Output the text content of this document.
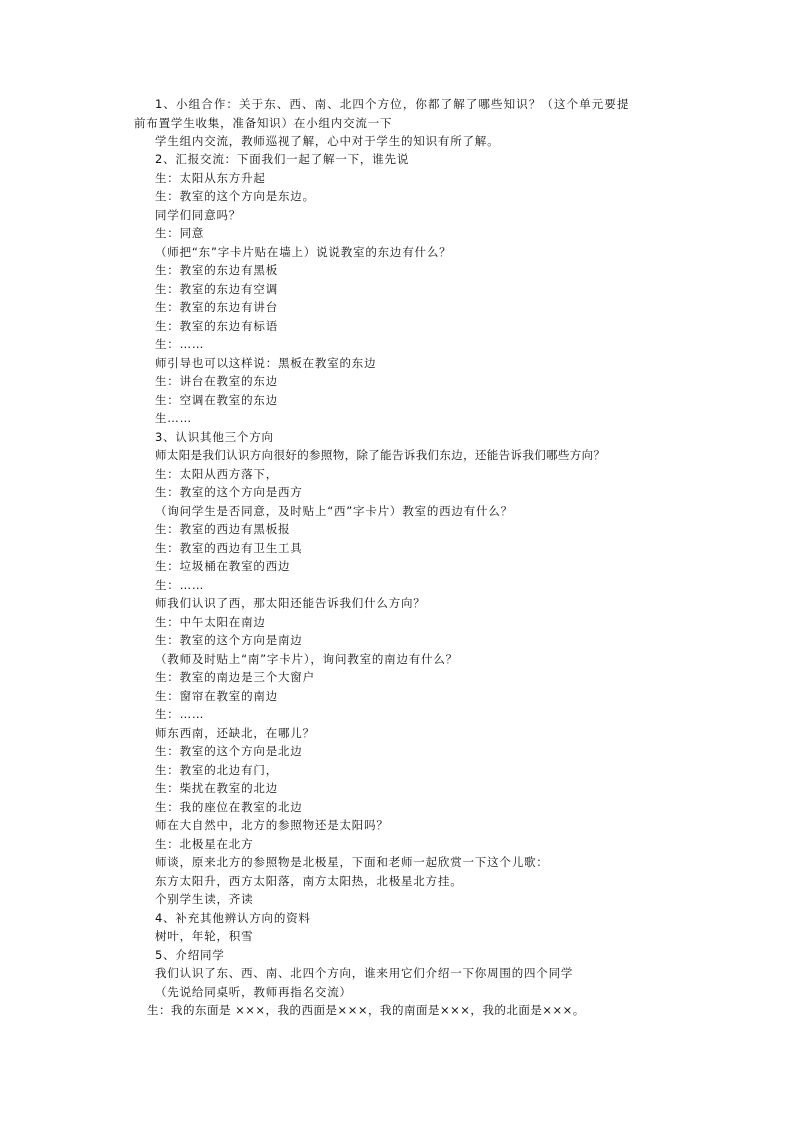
1、小组合作：关于东、西、南、北四个方位，你都了解了哪些知识？（这个单元要提
前布置学生收集，准备知识）在小组内交流一下
学生组内交流，教师巡视了解，心中对于学生的知识有所了解。
2、汇报交流：下面我们一起了解一下，谁先说
生：太阳从东方升起
生：教室的这个方向是东边。
同学们同意吗？
生：同意
（师把“东”字卡片贴在墙上）说说教室的东边有什么？
生：教室的东边有黑板
生：教室的东边有空调
生：教室的东边有讲台
生：教室的东边有标语
生：……
师引导也可以这样说：黑板在教室的东边
生：讲台在教室的东边
生：空调在教室的东边
生……
3、认识其他三个方向
师太阳是我们认识方向很好的参照物，除了能告诉我们东边，还能告诉我们哪些方向？
生：太阳从西方落下，
生：教室的这个方向是西方
（询问学生是否同意，及时贴上“西”字卡片）教室的西边有什么？
生：教室的西边有黑板报
生：教室的西边有卫生工具
生：垃圾桶在教室的西边
生：……
师我们认识了西，那太阳还能告诉我们什么方向？
生：中午太阳在南边
生：教室的这个方向是南边
（教师及时贴上“南”字卡片），询问教室的南边有什么？
生：教室的南边是三个大窗户
生：窗帘在教室的南边
生：……
师东西南，还缺北，在哪儿？
生：教室的这个方向是北边
生：教室的北边有门，
生：柴扰在教室的北边
生：我的座位在教室的北边
师在大自然中，北方的参照物还是太阳吗？
生：北极星在北方
师谈，原来北方的参照物是北极星，下面和老师一起欣赏一下这个儿歌：
东方太阳升，西方太阳落，南方太阳热，北极星北方挂。
个别学生读，齐读
4、补充其他辨认方向的资料
树叶，年轮，积雪
5、介绍同学
我们认识了东、西、南、北四个方向，谁来用它们介绍一下你周围的四个同学
（先说给同桌听，教师再指名交流）
生：我的东面是 ×××，我的西面是×××，我的南面是×××，我的北面是×××。
